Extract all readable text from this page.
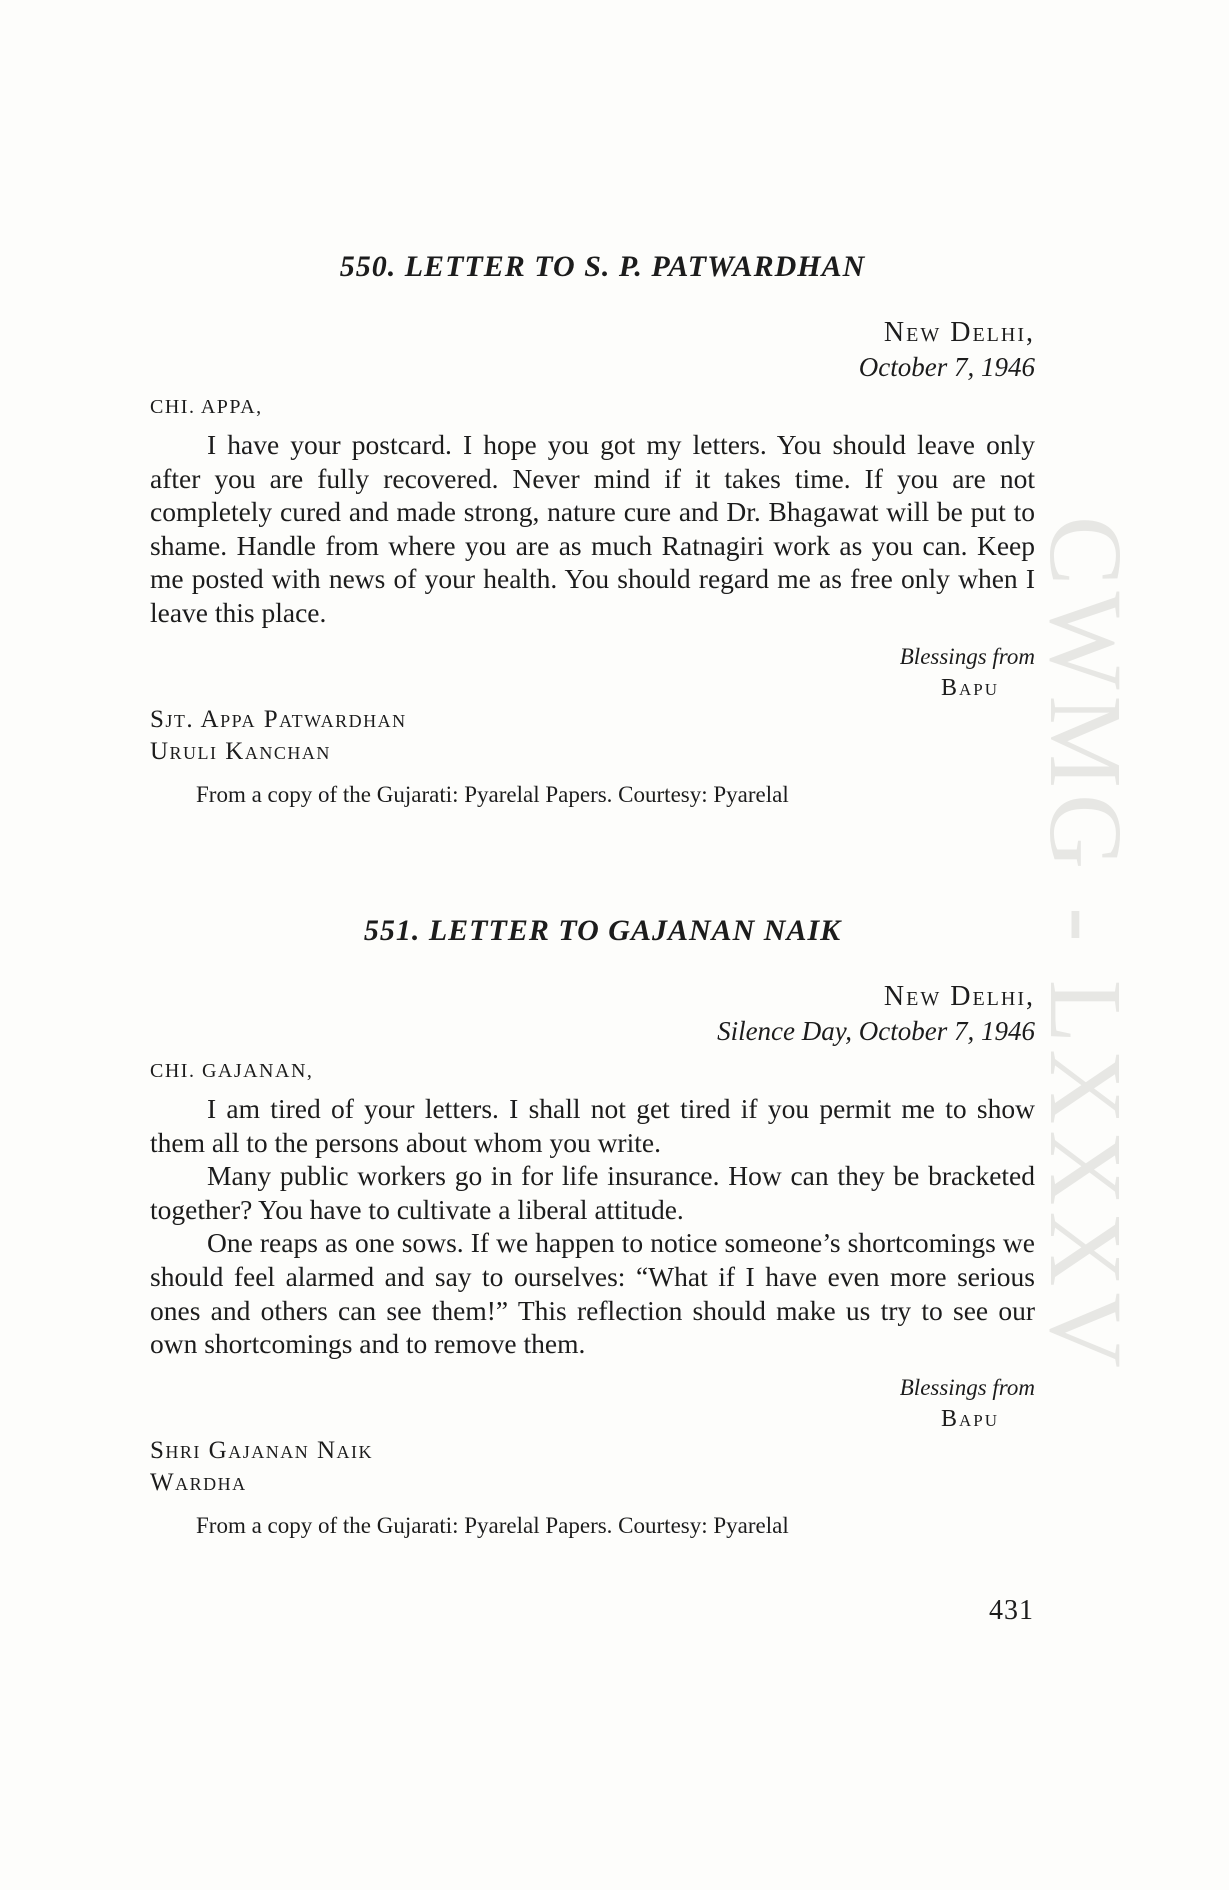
CWMG - LXXXV
550. LETTER TO S. P. PATWARDHAN
New Delhi,
October 7, 1946
CHI. APPA,

I have your postcard. I hope you got my letters. You should leave only after you are fully recovered. Never mind if it takes time. If you are not completely cured and made strong, nature cure and Dr. Bhagawat will be put to shame. Handle from where you are as much Ratnagiri work as you can. Keep me posted with news of your health. You should regard me as free only when I leave this place.

Blessings from
Bapu
Sjt. Appa Patwardhan
Uruli Kanchan
From a copy of the Gujarati: Pyarelal Papers. Courtesy: Pyarelal
551. LETTER TO GAJANAN NAIK
New Delhi,
Silence Day, October 7, 1946
CHI. GAJANAN,

I am tired of your letters. I shall not get tired if you permit me to show them all to the persons about whom you write.

Many public workers go in for life insurance. How can they be bracketed together? You have to cultivate a liberal attitude.

One reaps as one sows. If we happen to notice someone’s shortcomings we should feel alarmed and say to ourselves: “What if I have even more serious ones and others can see them!” This reflection should make us try to see our own shortcomings and to remove them.

Blessings from
Bapu
Shri Gajanan Naik
Wardha
From a copy of the Gujarati: Pyarelal Papers. Courtesy: Pyarelal
431
